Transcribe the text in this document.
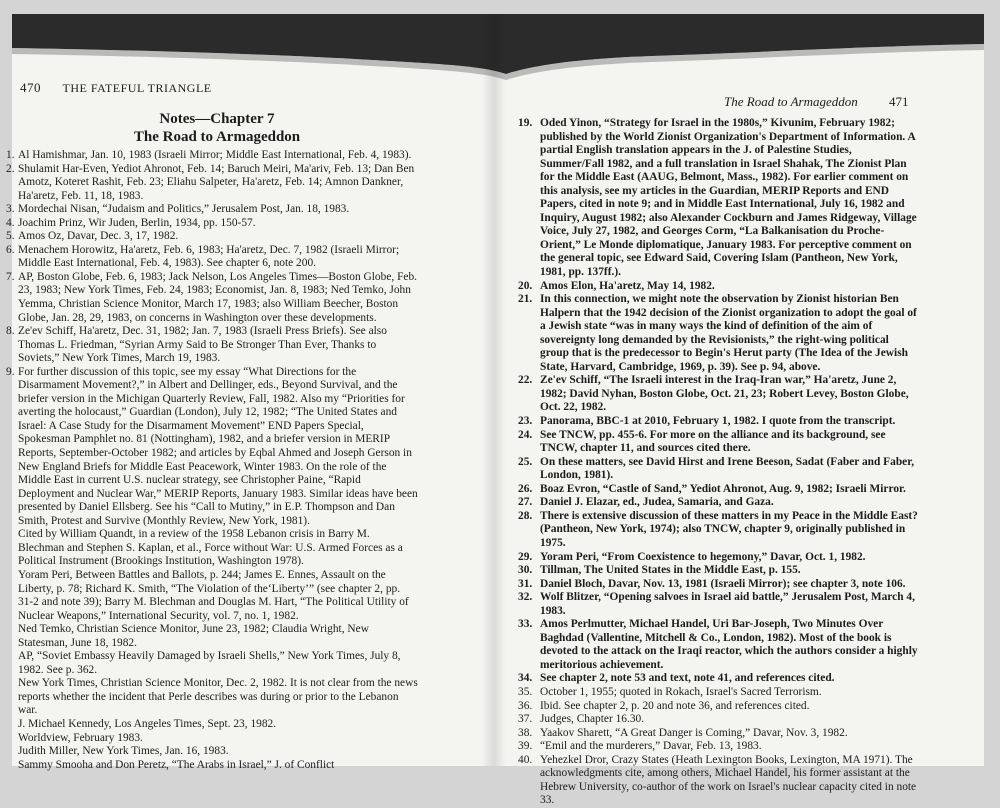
470 THE FATEFUL TRIANGLE
Notes—Chapter 7
The Road to Armageddon
1. Al Hamishmar, Jan. 10, 1983 (Israeli Mirror; Middle East International, Feb. 4, 1983).
2. Shulamit Har-Even, Yediot Ahronot, Feb. 14; Baruch Meiri, Ma'ariv, Feb. 13; Dan Ben Amotz, Koteret Rashit, Feb. 23; Eliahu Salpeter, Ha'aretz, Feb. 14; Amnon Dankner, Ha'aretz, Feb. 11, 18, 1983.
3. Mordechai Nisan, “Judaism and Politics,” Jerusalem Post, Jan. 18, 1983.
4. Joachim Prinz, Wir Juden, Berlin, 1934, pp. 150-57.
5. Amos Oz, Davar, Dec. 3, 17, 1982.
6. Menachem Horowitz, Ha'aretz, Feb. 6, 1983; Ha'aretz, Dec. 7, 1982 (Israeli Mirror; Middle East International, Feb. 4, 1983). See chapter 6, note 200.
7. AP, Boston Globe, Feb. 6, 1983; Jack Nelson, Los Angeles Times—Boston Globe, Feb. 23, 1983; New York Times, Feb. 24, 1983; Economist, Jan. 8, 1983; Ned Temko, John Yemma, Christian Science Monitor, March 17, 1983; also William Beecher, Boston Globe, Jan. 28, 29, 1983, on concerns in Washington over these developments.
8. Ze'ev Schiff, Ha'aretz, Dec. 31, 1982; Jan. 7, 1983 (Israeli Press Briefs). See also Thomas L. Friedman, “Syrian Army Said to Be Stronger Than Ever, Thanks to Soviets,” New York Times, March 19, 1983.
9. For further discussion of this topic, see my essay “What Directions for the Disarmament Movement?,” in Albert and Dellinger, eds., Beyond Survival, and the briefer version in the Michigan Quarterly Review, Fall, 1982. Also my “Priorities for averting the holocaust,” Guardian (London), July 12, 1982; “The United States and Israel: A Case Study for the Disarmament Movement” END Papers Special, Spokesman Pamphlet no. 81 (Nottingham), 1982, and a briefer version in MERIP Reports, September-October 1982; and articles by Eqbal Ahmed and Joseph Gerson in New England Briefs for Middle East Peacework, Winter 1983. On the role of the Middle East in current U.S. nuclear strategy, see Christopher Paine, “Rapid Deployment and Nuclear War,” MERIP Reports, January 1983. Similar ideas have been presented by Daniel Ellsberg. See his “Call to Mutiny,” in E.P. Thompson and Dan Smith, Protest and Survive (Monthly Review, New York, 1981).
Cited by William Quandt, in a review of the 1958 Lebanon crisis in Barry M. Blechman and Stephen S. Kaplan, et al., Force without War: U.S. Armed Forces as a Political Instrument (Brookings Institution, Washington 1978).
Yoram Peri, Between Battles and Ballots, p. 244; James E. Ennes, Assault on the Liberty, p. 78; Richard K. Smith, “The Violation of the‘Liberty’” (see chapter 2, pp. 31-2 and note 39); Barry M. Blechman and Douglas M. Hart, “The Political Utility of Nuclear Weapons,” International Security, vol. 7, no. 1, 1982.
Ned Temko, Christian Science Monitor, June 23, 1982; Claudia Wright, New Statesman, June 18, 1982.
AP, “Soviet Embassy Heavily Damaged by Israeli Shells,” New York Times, July 8, 1982. See p. 362.
New York Times, Christian Science Monitor, Dec. 2, 1982. It is not clear from the news reports whether the incident that Perle describes was during or prior to the Lebanon war.
J. Michael Kennedy, Los Angeles Times, Sept. 23, 1982.
Worldview, February 1983.
Judith Miller, New York Times, Jan. 16, 1983.
Sammy Smooha and Don Peretz, “The Arabs in Israel,” J. of Conflict
The Road to Armageddon 471
19. Oded Yinon, “Strategy for Israel in the 1980s,” Kivunim, February 1982; published by the World Zionist Organization's Department of Information. A partial English translation appears in the J. of Palestine Studies, Summer/Fall 1982, and a full translation in Israel Shahak, The Zionist Plan for the Middle East (AAUG, Belmont, Mass., 1982). For earlier comment on this analysis, see my articles in the Guardian, MERIP Reports and END Papers, cited in note 9; and in Middle East International, July 16, 1982 and Inquiry, August 1982; also Alexander Cockburn and James Ridgeway, Village Voice, July 27, 1982, and Georges Corm, “La Balkanisation du Proche-Orient,” Le Monde diplomatique, January 1983. For perceptive comment on the general topic, see Edward Said, Covering Islam (Pantheon, New York, 1981, pp. 137ff.).
20. Amos Elon, Ha'aretz, May 14, 1982.
21. In this connection, we might note the observation by Zionist historian Ben Halpern that the 1942 decision of the Zionist organization to adopt the goal of a Jewish state “was in many ways the kind of definition of the aim of sovereignty long demanded by the Revisionists,” the right-wing political group that is the predecessor to Begin's Herut party (The Idea of the Jewish State, Harvard, Cambridge, 1969, p. 39). See p. 94, above.
22. Ze'ev Schiff, “The Israeli interest in the Iraq-Iran war,” Ha'aretz, June 2, 1982; David Nyhan, Boston Globe, Oct. 21, 23; Robert Levey, Boston Globe, Oct. 22, 1982.
23. Panorama, BBC-1 at 2010, February 1, 1982. I quote from the transcript.
24. See TNCW, pp. 455-6. For more on the alliance and its background, see TNCW, chapter 11, and sources cited there.
25. On these matters, see David Hirst and Irene Beeson, Sadat (Faber and Faber, London, 1981).
26. Boaz Evron, “Castle of Sand,” Yediot Ahronot, Aug. 9, 1982; Israeli Mirror.
27. Daniel J. Elazar, ed., Judea, Samaria, and Gaza.
28. There is extensive discussion of these matters in my Peace in the Middle East? (Pantheon, New York, 1974); also TNCW, chapter 9, originally published in 1975.
29. Yoram Peri, “From Coexistence to hegemony,” Davar, Oct. 1, 1982.
30. Tillman, The United States in the Middle East, p. 155.
31. Daniel Bloch, Davar, Nov. 13, 1981 (Israeli Mirror); see chapter 3, note 106.
32. Wolf Blitzer, “Opening salvoes in Israel aid battle,” Jerusalem Post, March 4, 1983.
33. Amos Perlmutter, Michael Handel, Uri Bar-Joseph, Two Minutes Over Baghdad (Vallentine, Mitchell & Co., London, 1982). Most of the book is devoted to the attack on the Iraqi reactor, which the authors consider a highly meritorious achievement.
34. See chapter 2, note 53 and text, note 41, and references cited.
35. October 1, 1955; quoted in Rokach, Israel's Sacred Terrorism.
36. Ibid. See chapter 2, p. 20 and note 36, and references cited.
37. Judges, Chapter 16.30.
38. Yaakov Sharett, “A Great Danger is Coming,” Davar, Nov. 3, 1982.
39. “Emil and the murderers,” Davar, Feb. 13, 1983.
40. Yehezkel Dror, Crazy States (Heath Lexington Books, Lexington, MA 1971). The acknowledgments cite, among others, Michael Handel, his former assistant at the Hebrew University, co-author of the work on Israel's nuclear capacity cited in note 33.
